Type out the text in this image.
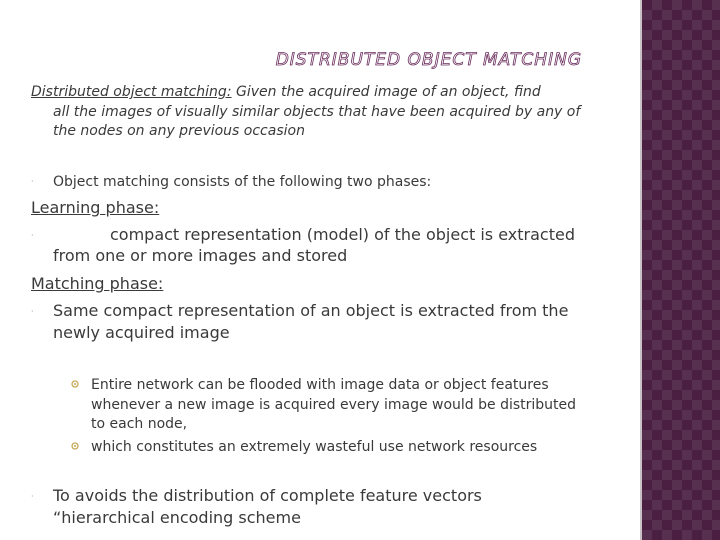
DISTRIBUTED OBJECT MATCHING
Distributed object matching: Given the acquired image of an object, find
all the images of visually similar objects that have been acquired by any of
the nodes on any previous occasion
· Object matching consists of the following two phases:
Learning phase:
·	compact representation (model) of the object is extracted
from one or more images and stored
Matching phase:
· Same compact representation of an object is extracted from the
newly acquired image
Entire network can be flooded with image data or object features
whenever a new image is acquired every image would be distributed
to each node,
which constitutes an extremely wasteful use network resources
· To avoids the distribution of complete feature vectors
“hierarchical encoding scheme
